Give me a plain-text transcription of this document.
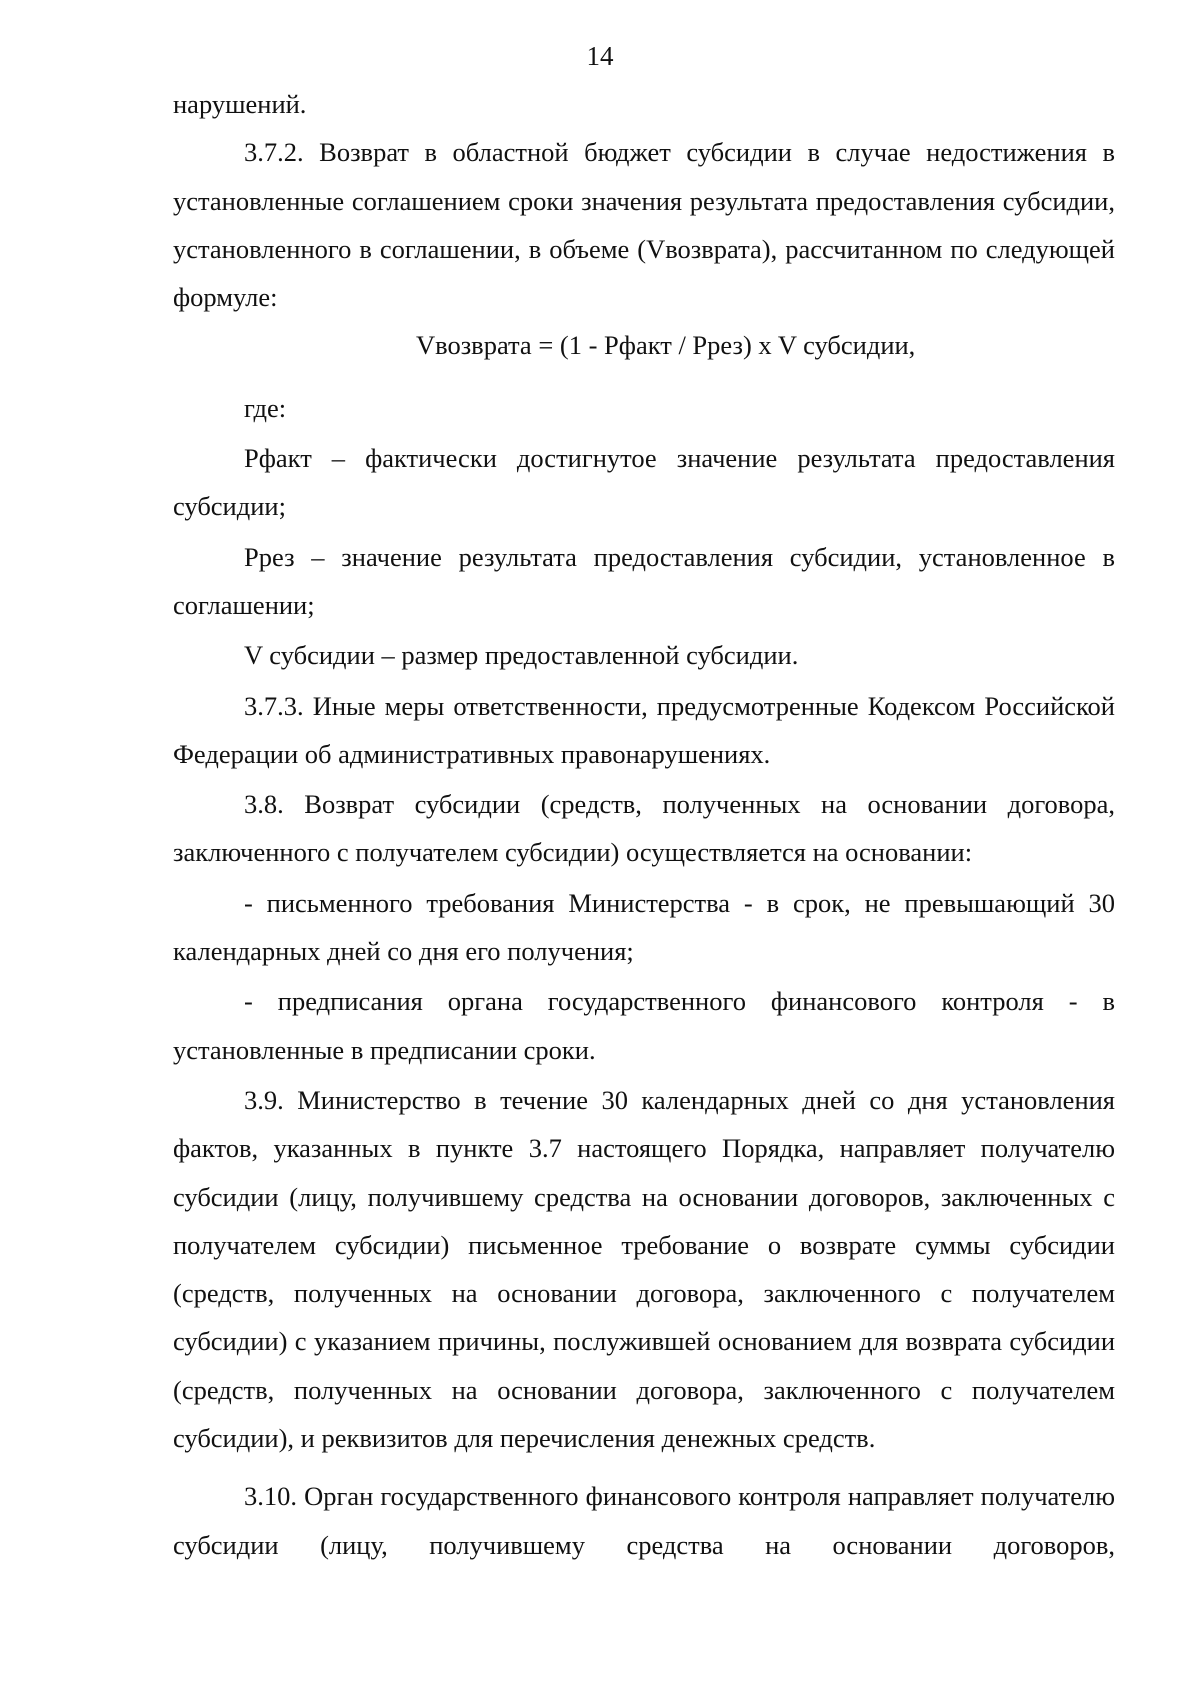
14

нарушений.

3.7.2. Возврат в областной бюджет субсидии в случае недостижения в установленные соглашением сроки значения результата предоставления субсидии, установленного в соглашении, в объеме (Vвозврата), рассчитанном по следующей формуле:

Vвозврата = (1 - Pфакт / Pрез) x V субсидии,

где:

Pфакт – фактически достигнутое значение результата предоставления субсидии;

Pрез – значение результата предоставления субсидии, установленное в соглашении;

V субсидии – размер предоставленной субсидии.

3.7.3. Иные меры ответственности, предусмотренные Кодексом Российской Федерации об административных правонарушениях.

3.8. Возврат субсидии (средств, полученных на основании договора, заключенного с получателем субсидии) осуществляется на основании:

- письменного требования Министерства - в срок, не превышающий 30 календарных дней со дня его получения;

- предписания органа государственного финансового контроля - в установленные в предписании сроки.

3.9. Министерство в течение 30 календарных дней со дня установления фактов, указанных в пункте 3.7 настоящего Порядка, направляет получателю субсидии (лицу, получившему средства на основании договоров, заключенных с получателем субсидии) письменное требование о возврате суммы субсидии (средств, полученных на основании договора, заключенного с получателем субсидии) с указанием причины, послужившей основанием для возврата субсидии (средств, полученных на основании договора, заключенного с получателем субсидии), и реквизитов для перечисления денежных средств.

3.10. Орган государственного финансового контроля направляет получателю субсидии (лицу, получившему средства на основании договоров,
